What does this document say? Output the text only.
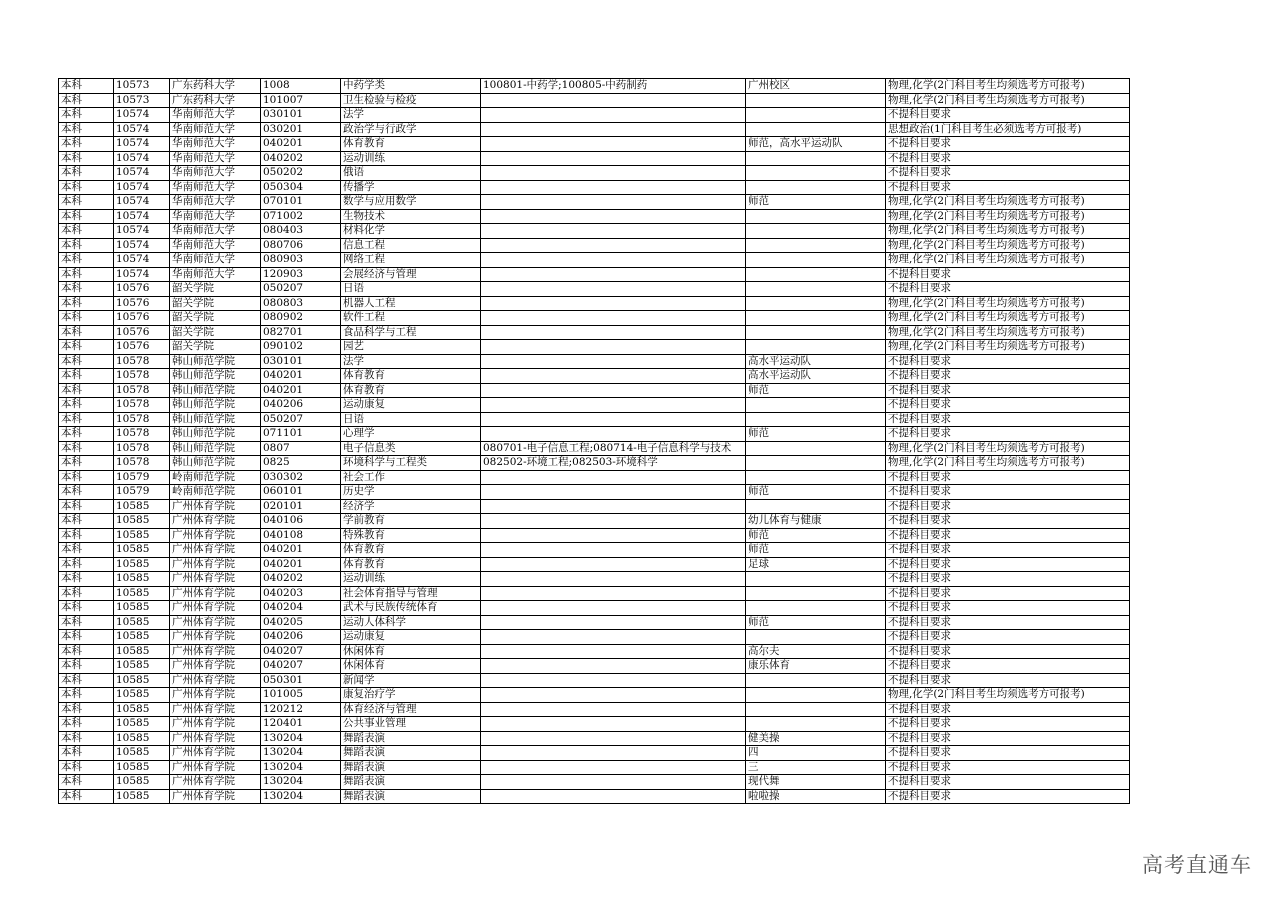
本科	10573	广东药科大学	1008	中药学类	100801-中药学;100805-中药制药	广州校区	物理,化学(2门科目考生均须选考方可报考)
本科	10573	广东药科大学	101007	卫生检验与检疫			物理,化学(2门科目考生均须选考方可报考)
本科	10574	华南师范大学	030101	法学			不提科目要求
本科	10574	华南师范大学	030201	政治学与行政学			思想政治(1门科目考生必须选考方可报考)
本科	10574	华南师范大学	040201	体育教育		师范，高水平运动队	不提科目要求
本科	10574	华南师范大学	040202	运动训练			不提科目要求
本科	10574	华南师范大学	050202	俄语			不提科目要求
本科	10574	华南师范大学	050304	传播学			不提科目要求
本科	10574	华南师范大学	070101	数学与应用数学		师范	物理,化学(2门科目考生均须选考方可报考)
本科	10574	华南师范大学	071002	生物技术			物理,化学(2门科目考生均须选考方可报考)
本科	10574	华南师范大学	080403	材料化学			物理,化学(2门科目考生均须选考方可报考)
本科	10574	华南师范大学	080706	信息工程			物理,化学(2门科目考生均须选考方可报考)
本科	10574	华南师范大学	080903	网络工程			物理,化学(2门科目考生均须选考方可报考)
本科	10574	华南师范大学	120903	会展经济与管理			不提科目要求
本科	10576	韶关学院	050207	日语			不提科目要求
本科	10576	韶关学院	080803	机器人工程			物理,化学(2门科目考生均须选考方可报考)
本科	10576	韶关学院	080902	软件工程			物理,化学(2门科目考生均须选考方可报考)
本科	10576	韶关学院	082701	食品科学与工程			物理,化学(2门科目考生均须选考方可报考)
本科	10576	韶关学院	090102	园艺			物理,化学(2门科目考生均须选考方可报考)
本科	10578	韩山师范学院	030101	法学		高水平运动队	不提科目要求
本科	10578	韩山师范学院	040201	体育教育		高水平运动队	不提科目要求
本科	10578	韩山师范学院	040201	体育教育		师范	不提科目要求
本科	10578	韩山师范学院	040206	运动康复			不提科目要求
本科	10578	韩山师范学院	050207	日语			不提科目要求
本科	10578	韩山师范学院	071101	心理学		师范	不提科目要求
本科	10578	韩山师范学院	0807	电子信息类	080701-电子信息工程;080714-电子信息科学与技术		物理,化学(2门科目考生均须选考方可报考)
本科	10578	韩山师范学院	0825	环境科学与工程类	082502-环境工程;082503-环境科学		物理,化学(2门科目考生均须选考方可报考)
本科	10579	岭南师范学院	030302	社会工作			不提科目要求
本科	10579	岭南师范学院	060101	历史学		师范	不提科目要求
本科	10585	广州体育学院	020101	经济学			不提科目要求
本科	10585	广州体育学院	040106	学前教育		幼儿体育与健康	不提科目要求
本科	10585	广州体育学院	040108	特殊教育		师范	不提科目要求
本科	10585	广州体育学院	040201	体育教育		师范	不提科目要求
本科	10585	广州体育学院	040201	体育教育		足球	不提科目要求
本科	10585	广州体育学院	040202	运动训练			不提科目要求
本科	10585	广州体育学院	040203	社会体育指导与管理			不提科目要求
本科	10585	广州体育学院	040204	武术与民族传统体育			不提科目要求
本科	10585	广州体育学院	040205	运动人体科学		师范	不提科目要求
本科	10585	广州体育学院	040206	运动康复			不提科目要求
本科	10585	广州体育学院	040207	休闲体育		高尔夫	不提科目要求
本科	10585	广州体育学院	040207	休闲体育		康乐体育	不提科目要求
本科	10585	广州体育学院	050301	新闻学			不提科目要求
本科	10585	广州体育学院	101005	康复治疗学			物理,化学(2门科目考生均须选考方可报考)
本科	10585	广州体育学院	120212	体育经济与管理			不提科目要求
本科	10585	广州体育学院	120401	公共事业管理			不提科目要求
本科	10585	广州体育学院	130204	舞蹈表演		健美操	不提科目要求
本科	10585	广州体育学院	130204	舞蹈表演		四	不提科目要求
本科	10585	广州体育学院	130204	舞蹈表演		三	不提科目要求
本科	10585	广州体育学院	130204	舞蹈表演		现代舞	不提科目要求
本科	10585	广州体育学院	130204	舞蹈表演		啦啦操	不提科目要求
高考直通车
